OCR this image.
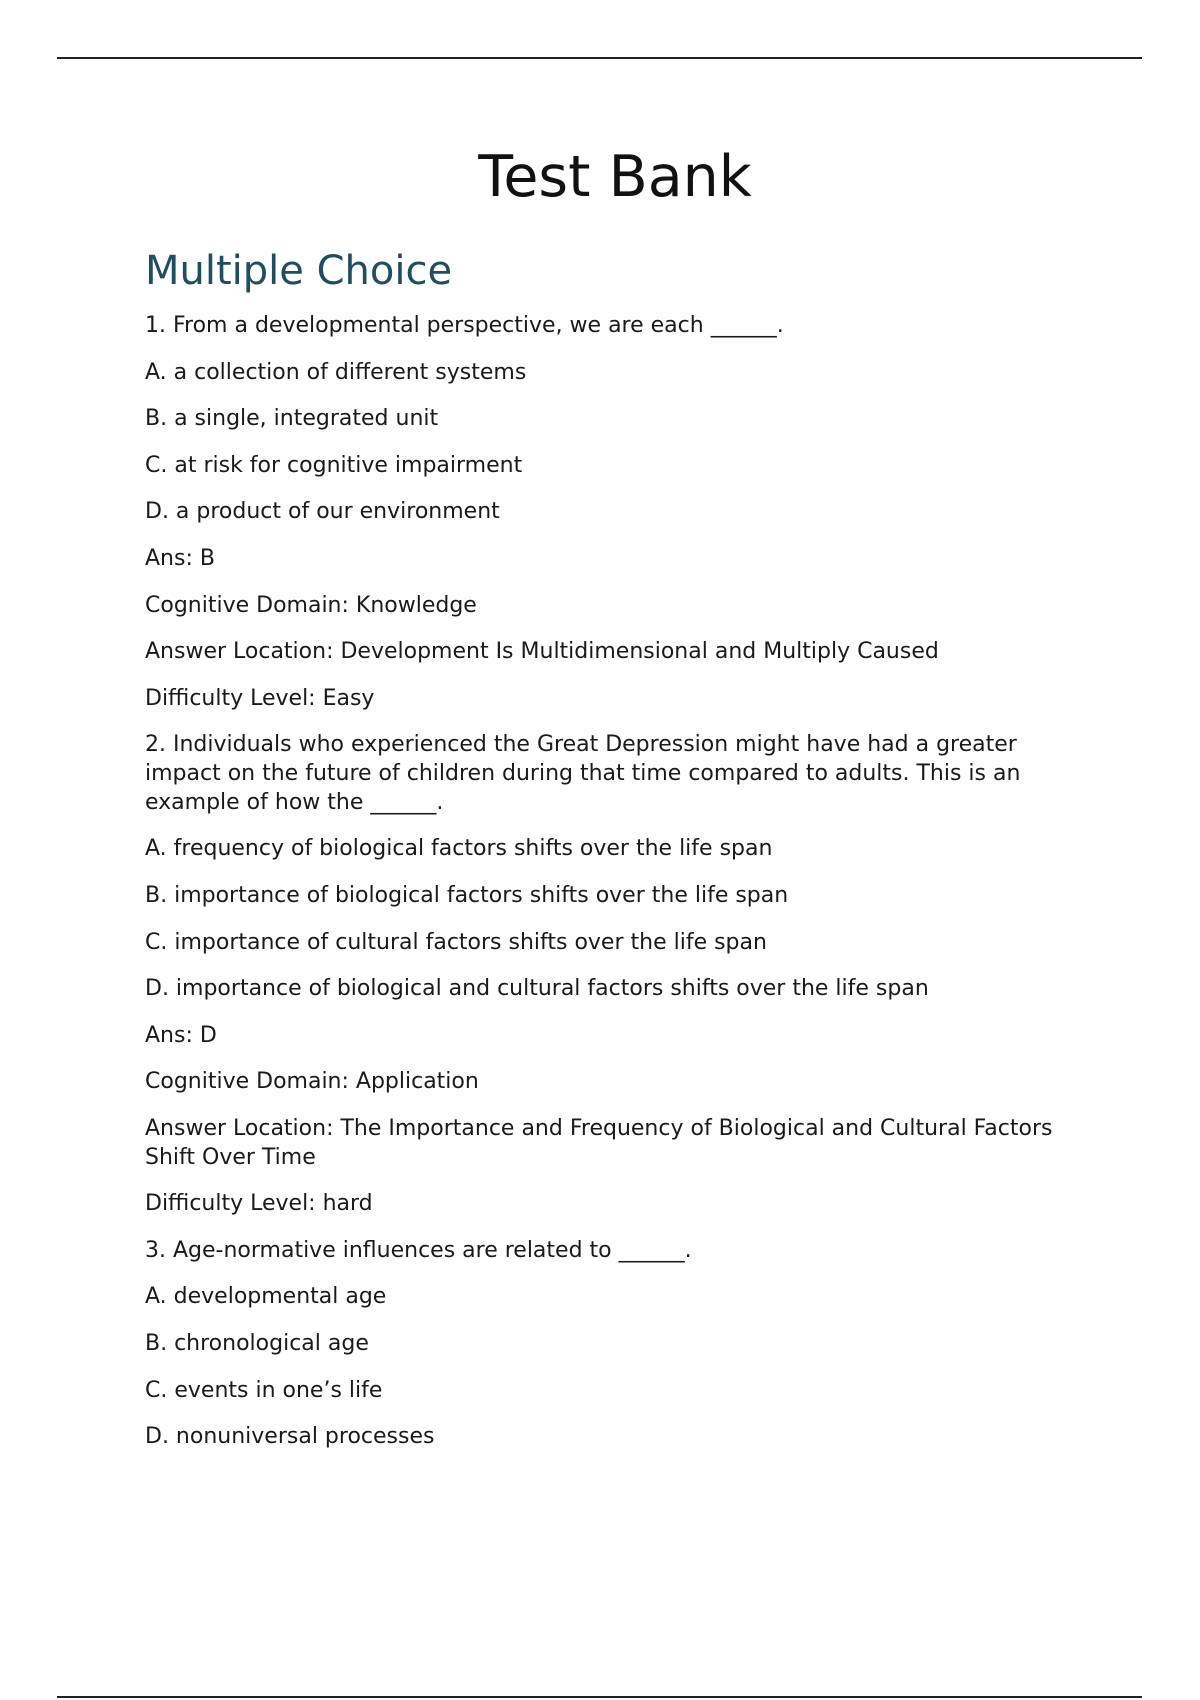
Test Bank
Multiple Choice

1. From a developmental perspective, we are each ______.

A. a collection of different systems

B. a single, integrated unit

C. at risk for cognitive impairment

D. a product of our environment

Ans: B

Cognitive Domain: Knowledge

Answer Location: Development Is Multidimensional and Multiply Caused

Difficulty Level: Easy

2. Individuals who experienced the Great Depression might have had a greater impact on the future of children during that time compared to adults. This is an example of how the ______.

A. frequency of biological factors shifts over the life span

B. importance of biological factors shifts over the life span

C. importance of cultural factors shifts over the life span

D. importance of biological and cultural factors shifts over the life span

Ans: D

Cognitive Domain: Application

Answer Location: The Importance and Frequency of Biological and Cultural Factors Shift Over Time

Difficulty Level: hard

3. Age-normative influences are related to ______.

A. developmental age

B. chronological age

C. events in one’s life

D. nonuniversal processes
